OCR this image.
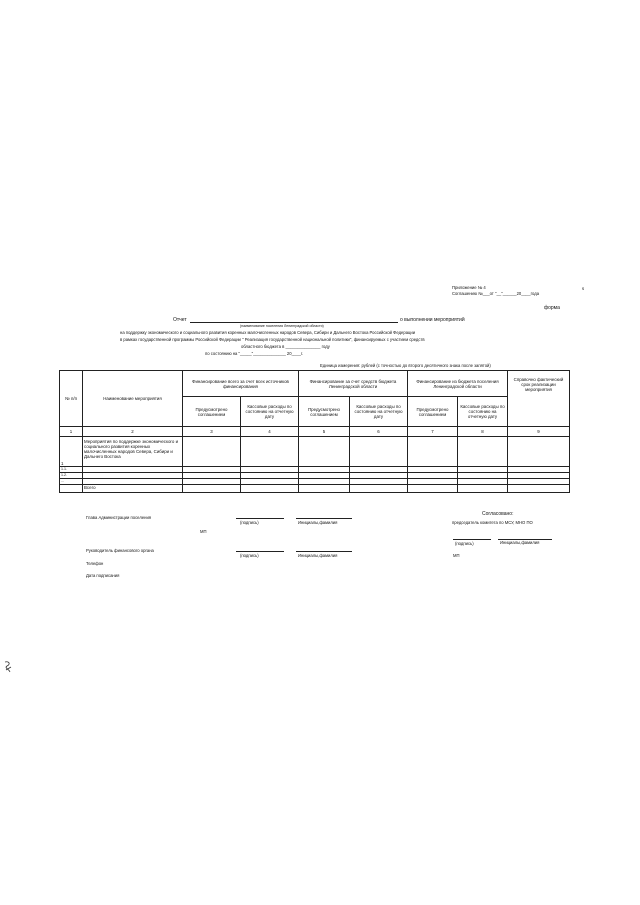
Приложение № 4
Соглашению №___от "__"______20____года
s
форма
Отчет	о выполнении мероприятий
(наименование поселения Ленинградской области)
на поддержку экономического и социального развития коренных малочисленных народов Севера, Сибири и Дальнего Востока Российской Федерации
в рамках государственной программы Российской Федерации " Реализация государственной национальной политики", финансируемых с участием средств
областного бюджета в _______________ году
по состоянию на "_____"______________ 20____г.
Единица измерения: рублей (с точностью до второго десятичного знака после запятой)
№ п/п	Наименование мероприятия	Финансирование всего за счет всех источников финансирования		Финансирование за счет средств бюджета Ленинградской области		Финансирование из бюджета поселения Ленинградской области		Справочно фактический срок реализации мероприятия
		Предусмотрено соглашением	Кассовые расходы по состоянию на отчетную дату	Предусмотрено соглашением	Кассовые расходы по состоянию на отчетную дату	Предусмотрено соглашением	Кассовые расходы по состоянию на отчетную дату	
1	2	3	4	5	6	7	8	9
1	Мероприятия по поддержке экономического и социального развития коренных малочисленных народов Севера, Сибири и Дальнего Востока							
1.1.								
1.2.								
...								
	Всего							
Глава Администрации поселения
(подпись)	Инициалы,фамилия
МП
Согласовано:
председатель комитета по МСУ, МНО ПО
(подпись)	Инициалы,фамилия
МП
Руководитель финансового органа
(подпись)	Инициалы,фамилия
Телефон
Дата подписания
